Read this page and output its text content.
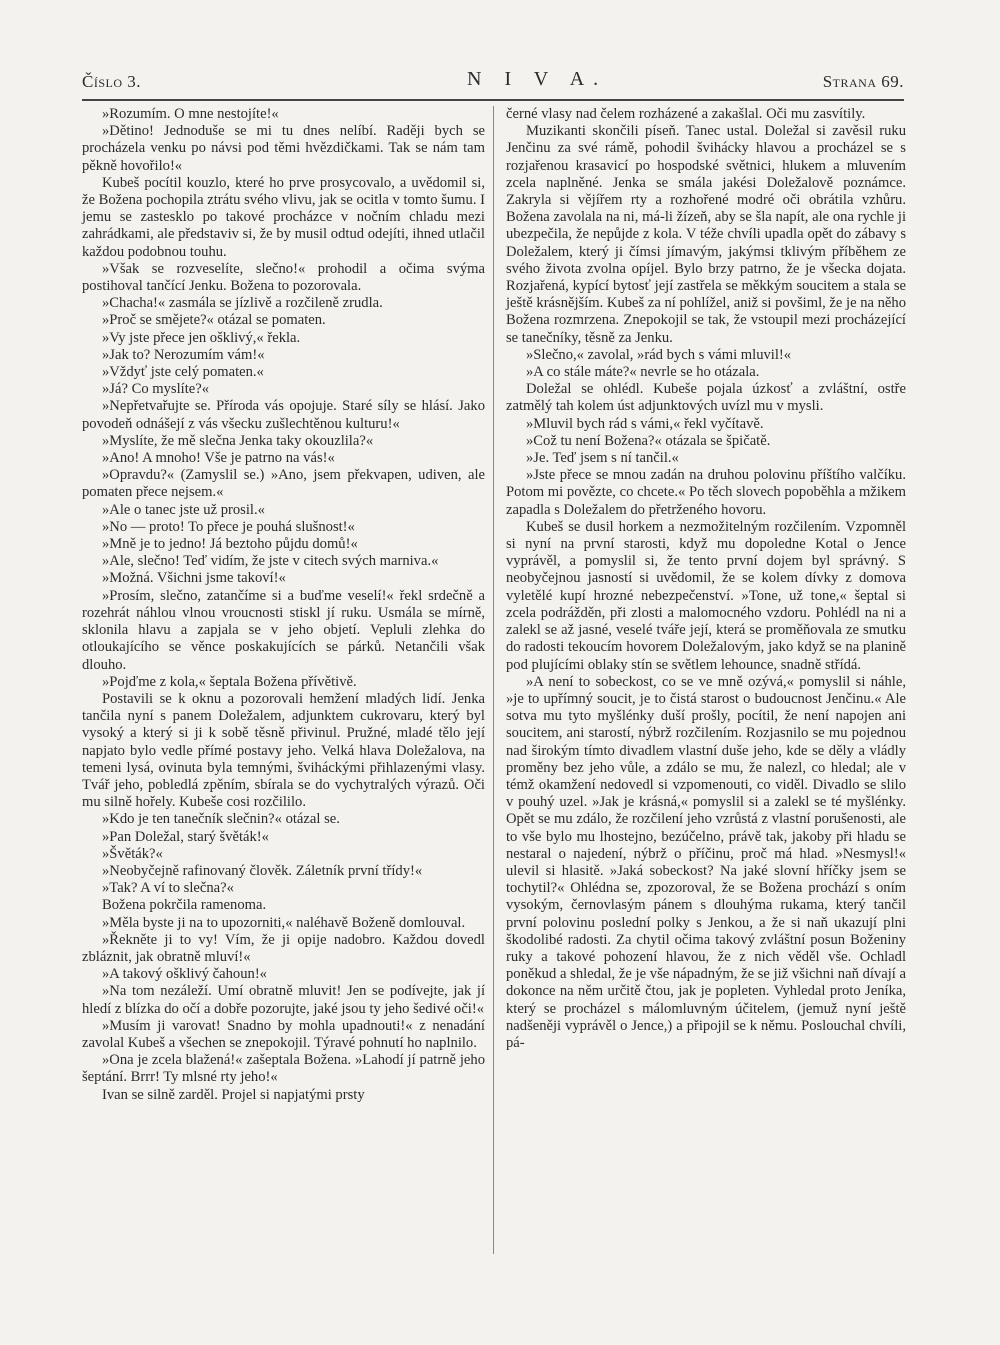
Číslo 3.	N I V A.	Strana 69.

»Rozumím. O mne nestojíte!«

»Dětino! Jednoduše se mi tu dnes nelíbí. Raději bych se procházela venku po návsi pod těmi hvězdičkami. Tak se nám tam pěkně hovořilo!«

Kubeš pocítil kouzlo, které ho prve prosycovalo, a uvědomil si, že Božena pochopila ztrátu svého vlivu, jak se ocitla v tomto šumu. I jemu se zastesklo po takové procházce v nočním chladu mezi zahrádkami, ale představiv si, že by musil odtud odejíti, ihned utlačil každou podobnou touhu.

»Však se rozveselíte, slečno!« prohodil a očima svýma postihoval tančící Jenku. Božena to pozorovala.

»Chacha!« zasmála se jízlivě a rozčileně zrudla.

»Proč se smějete?« otázal se pomaten.

»Vy jste přece jen ošklivý,« řekla.

»Jak to? Nerozumím vám!«

»Vždyť jste celý pomaten.«

»Já? Co myslíte?«

»Nepřetvařujte se. Příroda vás opojuje. Staré síly se hlásí. Jako povodeň odnášejí z vás všecku zušlechtěnou kulturu!«

»Myslíte, že mě slečna Jenka taky okouzlila?«

»Ano! A mnoho! Vše je patrno na vás!«

»Opravdu?« (Zamyslil se.) »Ano, jsem překvapen, udiven, ale pomaten přece nejsem.«

»Ale o tanec jste už prosil.«

»No — proto! To přece je pouhá slušnost!«

»Mně je to jedno! Já beztoho půjdu domů!«

»Ale, slečno! Teď vidím, že jste v citech svých marniva.«

»Možná. Všichni jsme takoví!«

»Prosím, slečno, zatančíme si a buďme veselí!« řekl srdečně a rozehrát náhlou vlnou vroucnosti stiskl jí ruku. Usmála se mírně, sklonila hlavu a zapjala se v jeho objetí. Vepluli zlehka do otloukajícího se věnce poskakujících se párků. Netančili však dlouho.

»Pojďme z kola,« šeptala Božena přívětivě.

Postavili se k oknu a pozorovali hemžení mladých lidí. Jenka tančila nyní s panem Doležalem, adjunktem cukrovaru, který byl vysoký a který si ji k sobě těsně přivinul. Pružné, mladé tělo její napjato bylo vedle přímé postavy jeho. Velká hlava Doležalova, na temeni lysá, ovinuta byla temnými, šviháckými přihlazenými vlasy. Tvář jeho, pobledlá zpěním, sbírala se do vychytralých výrazů. Oči mu silně hořely. Kubeše cosi rozčililo.

»Kdo je ten tanečník slečnin?« otázal se.

»Pan Doležal, starý švěták!«

»Švěták?«

»Neobyčejně rafinovaný člověk. Záletník první třídy!«

»Tak? A ví to slečna?«

Božena pokrčila ramenoma.

»Měla byste ji na to upozorniti,« naléhavě Boženě domlouval.

»Řekněte ji to vy! Vím, že ji opije nadobro. Každou dovedl zbláznit, jak obratně mluví!«

»A takový ošklivý čahoun!«

»Na tom nezáleží. Umí obratně mluvit! Jen se podívejte, jak jí hledí z blízka do očí a dobře pozorujte, jaké jsou ty jeho šedivé oči!«

»Musím ji varovat! Snadno by mohla upadnouti!« z nenadání zavolal Kubeš a všechen se znepokojil. Týravé pohnutí ho naplnilo.

»Ona je zcela blažená!« zašeptala Božena. »Lahodí jí patrně jeho šeptání. Brrr! Ty mlsné rty jeho!«

Ivan se silně zarděl. Projel si napjatými prsty

černé vlasy nad čelem rozházené a zakašlal. Oči mu zasvítily.

Muzikanti skončili píseň. Tanec ustal. Doležal si zavěsil ruku Jenčinu za své rámě, pohodil švihácky hlavou a procházel se s rozjařenou krasavicí po hospodské světnici, hlukem a mluvením zcela naplněné. Jenka se smála jakési Doležalově poznámce. Zakryla si vějířem rty a rozhořené modré oči obrátila vzhůru. Božena zavolala na ni, má-li žízeň, aby se šla napít, ale ona rychle ji ubezpečila, že nepůjde z kola. V téže chvíli upadla opět do zábavy s Doležalem, který ji čímsi jímavým, jakýmsi tklivým příběhem ze svého života zvolna opíjel. Bylo brzy patrno, že je všecka dojata. Rozjařená, kypící bytosť její zastřela se měkkým soucitem a stala se ještě krásnějším. Kubeš za ní pohlížel, aniž si povšiml, že je na něho Božena rozmrzena. Znepokojil se tak, že vstoupil mezi procházející se tanečníky, těsně za Jenku.

»Slečno,« zavolal, »rád bych s vámi mluvil!«

»A co stále máte?« nevrle se ho otázala.

Doležal se ohlédl. Kubeše pojala úzkosť a zvláštní, ostře zatmělý tah kolem úst adjunktových uvízl mu v mysli.

»Mluvil bych rád s vámi,« řekl vyčítavě.

»Což tu není Božena?« otázala se špičatě.

»Je. Teď jsem s ní tančil.«

»Jste přece se mnou zadán na druhou polovinu příštího valčíku. Potom mi povězte, co chcete.« Po těch slovech popoběhla a mžikem zapadla s Doležalem do přetrženého hovoru.

Kubeš se dusil horkem a nezmožitelným rozčilením. Vzpomněl si nyní na první starosti, když mu dopoledne Kotal o Jence vyprávěl, a pomyslil si, že tento první dojem byl správný. S neobyčejnou jasností si uvědomil, že se kolem dívky z domova vyletělé kupí hrozné nebezpečenství. »Tone, už tone,« šeptal si zcela podrážděn, při zlosti a malomocného vzdoru. Pohlédl na ni a zalekl se až jasné, veselé tváře její, která se proměňovala ze smutku do radosti tekoucím hovorem Doležalovým, jako když se na planině pod plujícími oblaky stín se světlem lehounce, snadně střídá.

»A není to sobeckost, co se ve mně ozývá,« pomyslil si náhle, »je to upřímný soucit, je to čistá starost o budoucnost Jenčinu.« Ale sotva mu tyto myšlénky duší prošly, pocítil, že není napojen ani soucitem, ani starostí, nýbrž rozčilením. Rozjasnilo se mu pojednou nad širokým tímto divadlem vlastní duše jeho, kde se děly a vládly proměny bez jeho vůle, a zdálo se mu, že nalezl, co hledal; ale v témž okamžení nedovedl si vzpomenouti, co viděl. Divadlo se slilo v pouhý uzel. »Jak je krásná,« pomyslil si a zalekl se té myšlénky. Opět se mu zdálo, že rozčilení jeho vzrůstá z vlastní porušenosti, ale to vše bylo mu lhostejno, bezúčelno, právě tak, jakoby při hladu se nestaral o najedení, nýbrž o příčinu, proč má hlad. »Nesmysl!« ulevil si hlasitě. »Jaká sobeckost? Na jaké slovní hříčky jsem se tochytil?« Ohlédna se, zpozoroval, že se Božena prochází s oním vysokým, černovlasým pánem s dlouhýma rukama, který tančil první polovinu poslední polky s Jenkou, a že si naň ukazují plni škodolibé radosti. Za chytil očima takový zvláštní posun Boženiny ruky a takové pohození hlavou, že z nich věděl vše. Ochladl poněkud a shledal, že je vše nápadným, že se již všichni naň dívají a dokonce na něm určitě čtou, jak je popleten. Vyhledal proto Jeníka, který se procházel s málomluvným účitelem, (jemuž nyní ještě nadšeněji vyprávěl o Jence,) a připojil se k němu. Poslouchal chvíli, pá-
